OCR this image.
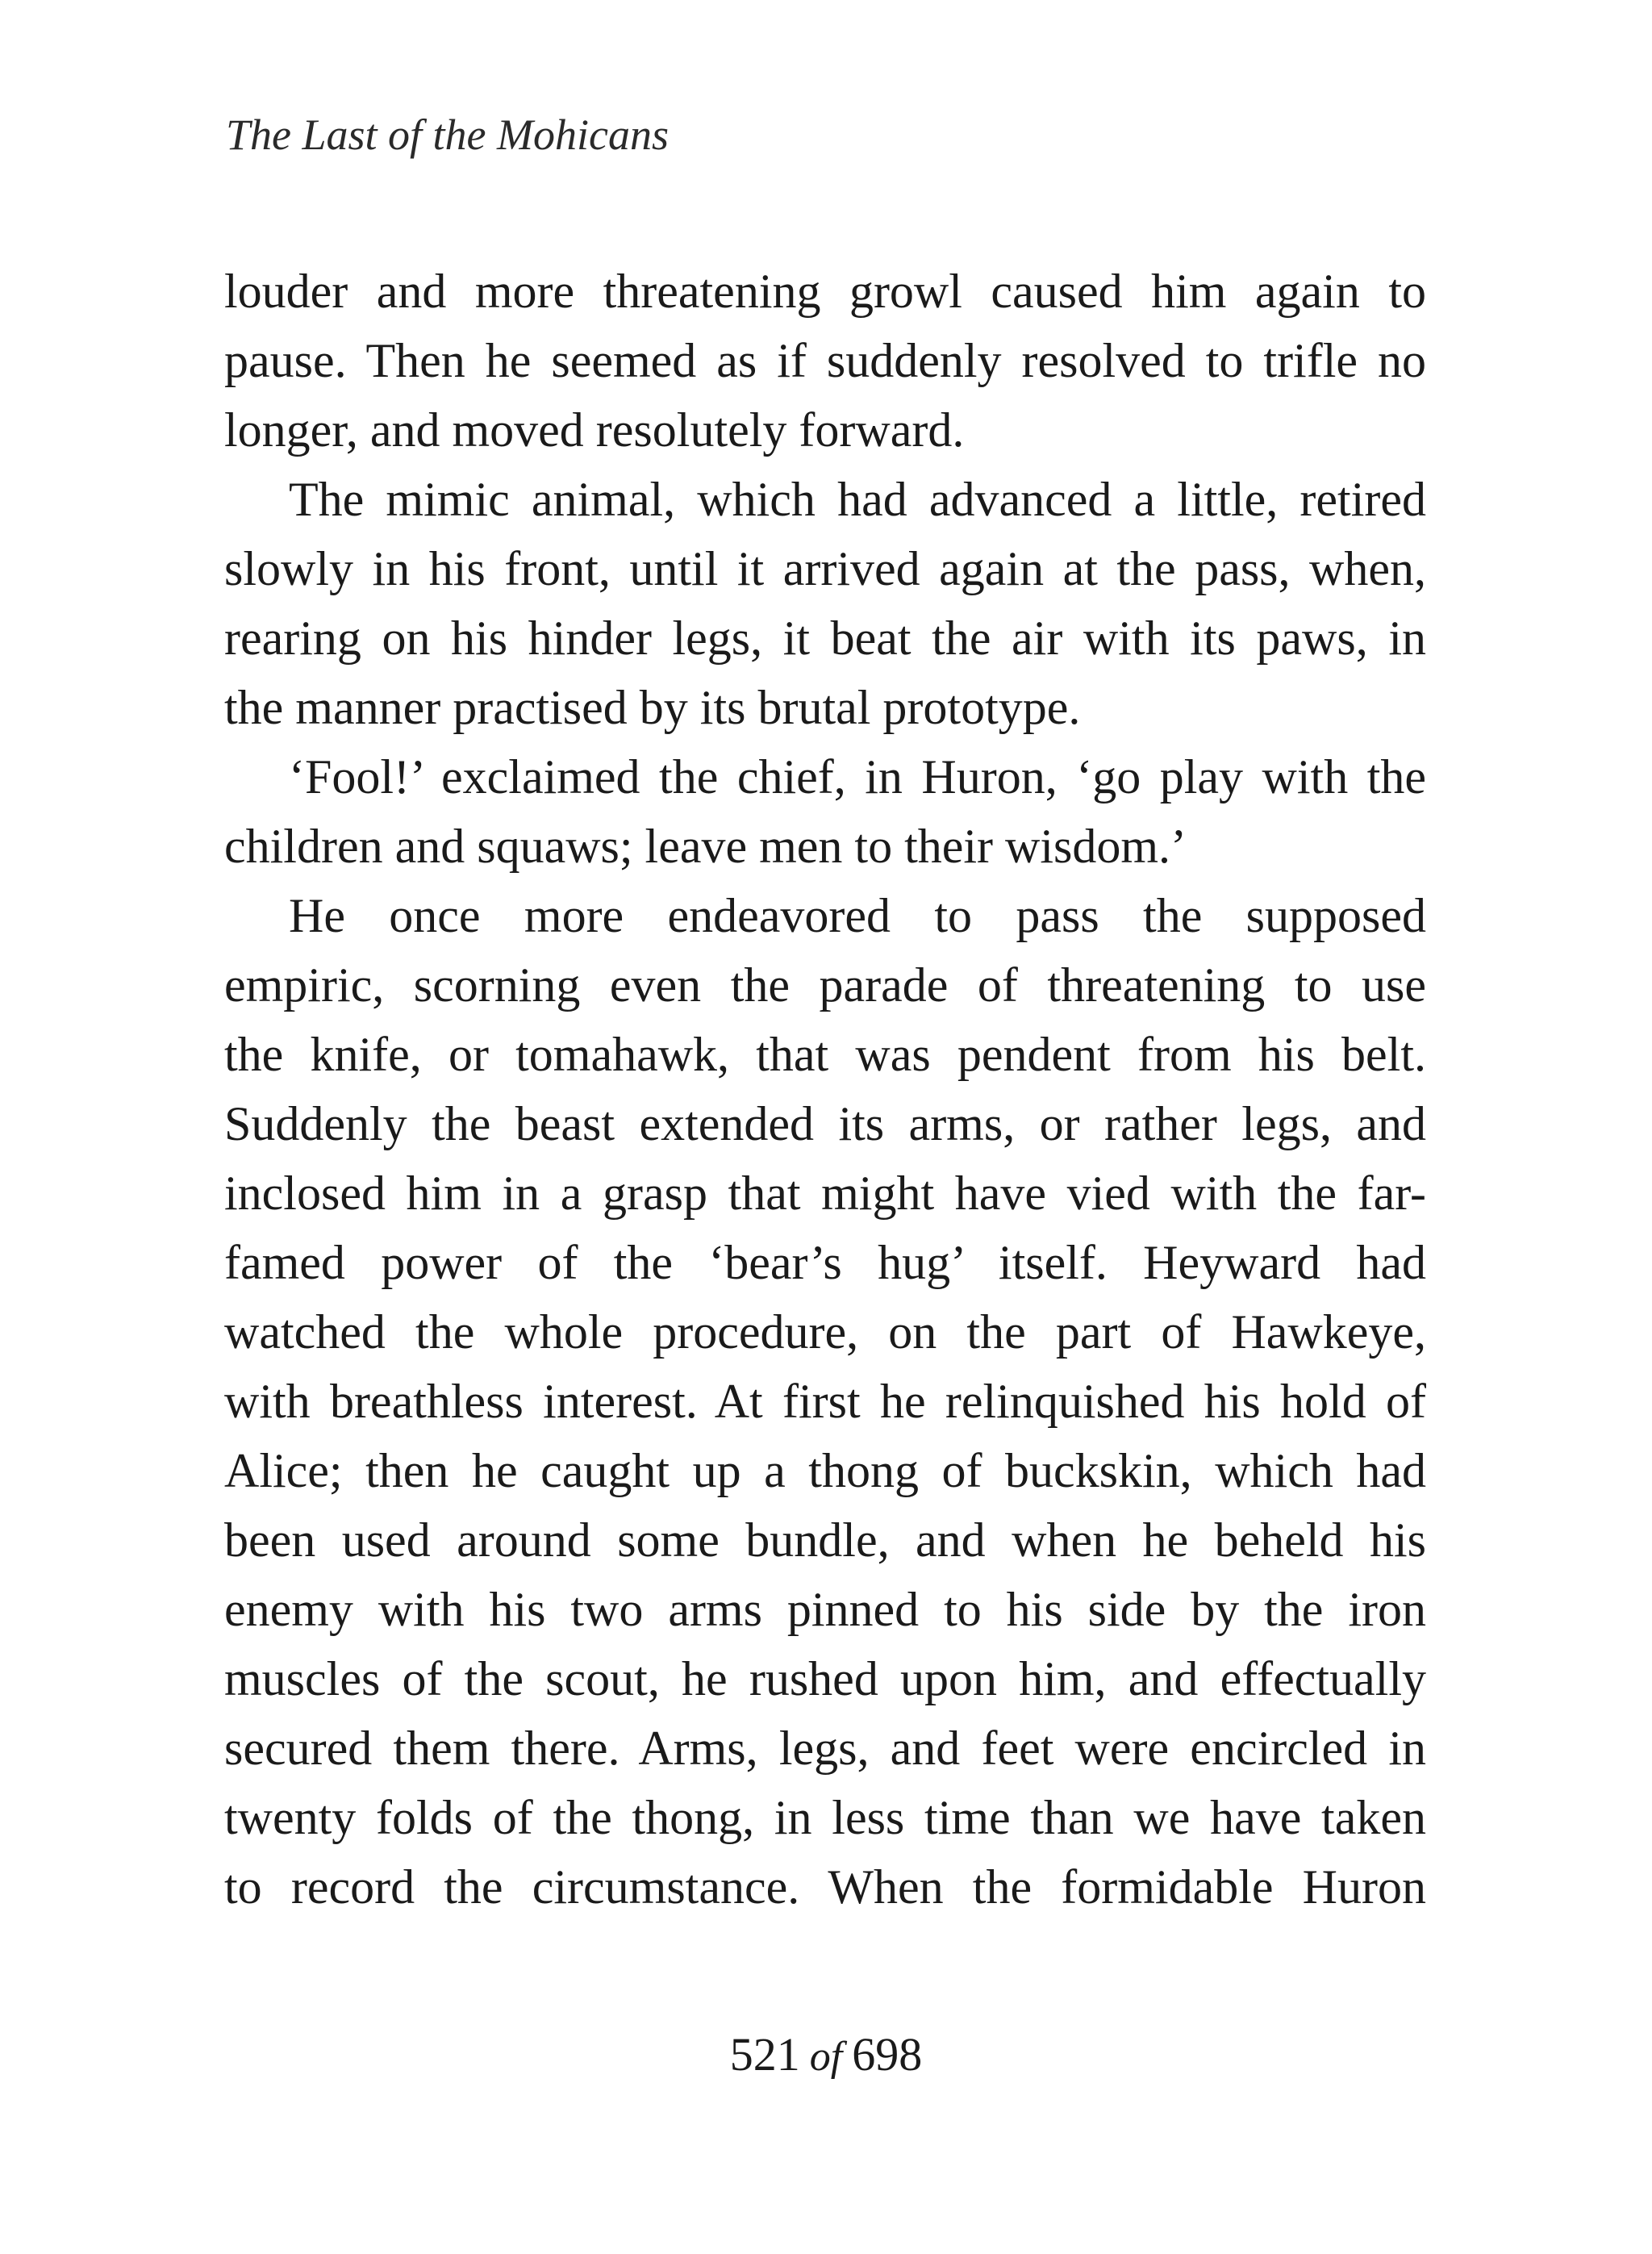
The Last of the Mohicans
louder and more threatening growl caused him again to
pause. Then he seemed as if suddenly resolved to trifle no
longer, and moved resolutely forward.
The mimic animal, which had advanced a little, retired
slowly in his front, until it arrived again at the pass, when,
rearing on his hinder legs, it beat the air with its paws, in
the manner practised by its brutal prototype.
‘Fool!’ exclaimed the chief, in Huron, ‘go play with the
children and squaws; leave men to their wisdom.’
He once more endeavored to pass the supposed
empiric, scorning even the parade of threatening to use
the knife, or tomahawk, that was pendent from his belt.
Suddenly the beast extended its arms, or rather legs, and
inclosed him in a grasp that might have vied with the far-
famed power of the ‘bear’s hug’ itself. Heyward had
watched the whole procedure, on the part of Hawkeye,
with breathless interest. At first he relinquished his hold of
Alice; then he caught up a thong of buckskin, which had
been used around some bundle, and when he beheld his
enemy with his two arms pinned to his side by the iron
muscles of the scout, he rushed upon him, and effectually
secured them there. Arms, legs, and feet were encircled in
twenty folds of the thong, in less time than we have taken
to record the circumstance. When the formidable Huron
521 of 698
